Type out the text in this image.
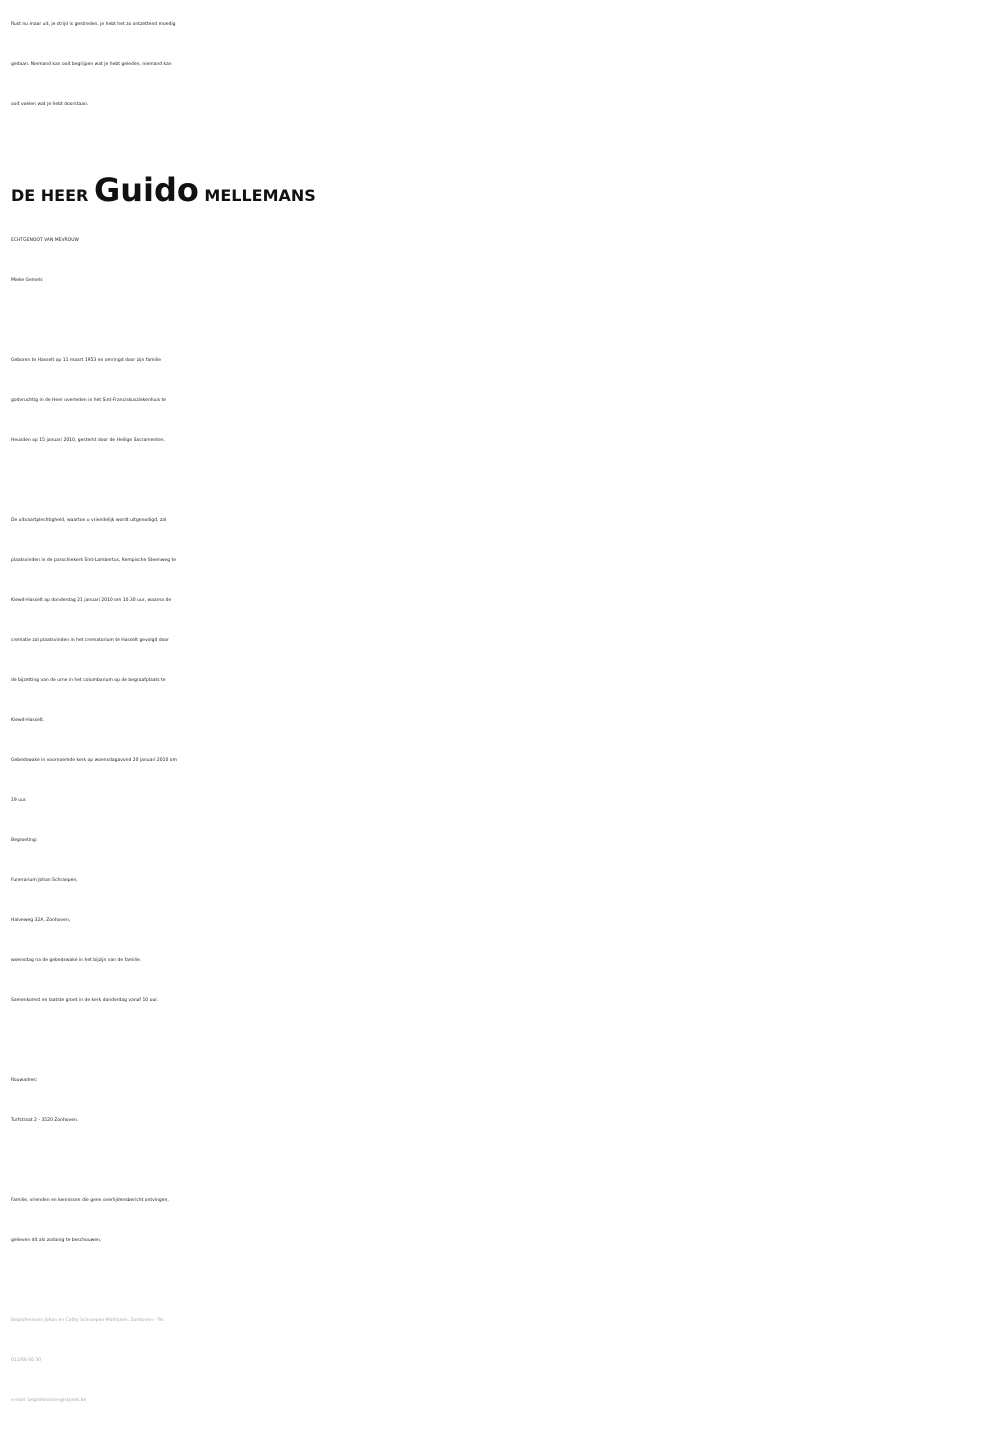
Rust nu maar uit, je strijd is gestreden, je hebt het zo ontzettend moedig
gedaan. Niemand kan ooit begrijpen wat je hebt geleden, niemand kan
ooit voelen wat je hebt doorstaan.
DE HEER Guido MELLEMANS
ECHTGENOOT VAN MEVROUW
Mieke Gemels
Geboren te Hasselt op 11 maart 1953 en omringd door zijn familie
godvruchtig in de Heer overleden in het Sint-Franciskusziekenhuis te
Heusden op 15 januari 2010, gesterkt door de Heilige Sacramenten.
De uitvaartplechtigheid, waartoe u vriendelijk wordt uitgenodigd, zal
plaatsvinden in de parochiekerk Sint-Lambertus, Kempische Steenweg te
Kiewit-Hasselt op donderdag 21 januari 2010 om 10.30 uur, waarna de
crematie zal plaatsvinden in het crematorium te Hasselt gevolgd door
de bijzetting van de urne in het columbarium op de begraafplaats te
Kiewit-Hasselt.
Gebedswake in voornoemde kerk op woensdagavond 20 januari 2010 om
19 uur.
Begroeting:
Funerarium Johan Schraepen,
Halveweg 32A, Zonhoven,
woensdag na de gebedswake in het bijzijn van de familie.
Samenkomst en laatste groet in de kerk donderdag vanaf 10 uur.
Rouwadres:
Turfstraat 2 - 3520 Zonhoven.
Familie, vrienden en kennissen die geen overlijdensbericht ontvingen,
gelieven dit als zodanig te beschouwen.
Begrafenissen Johan en Cathy Schraepen-Mathijsen, Zonhoven - Tel.
011/66 66 30
e-mail: begrafenissen@skynet.be
